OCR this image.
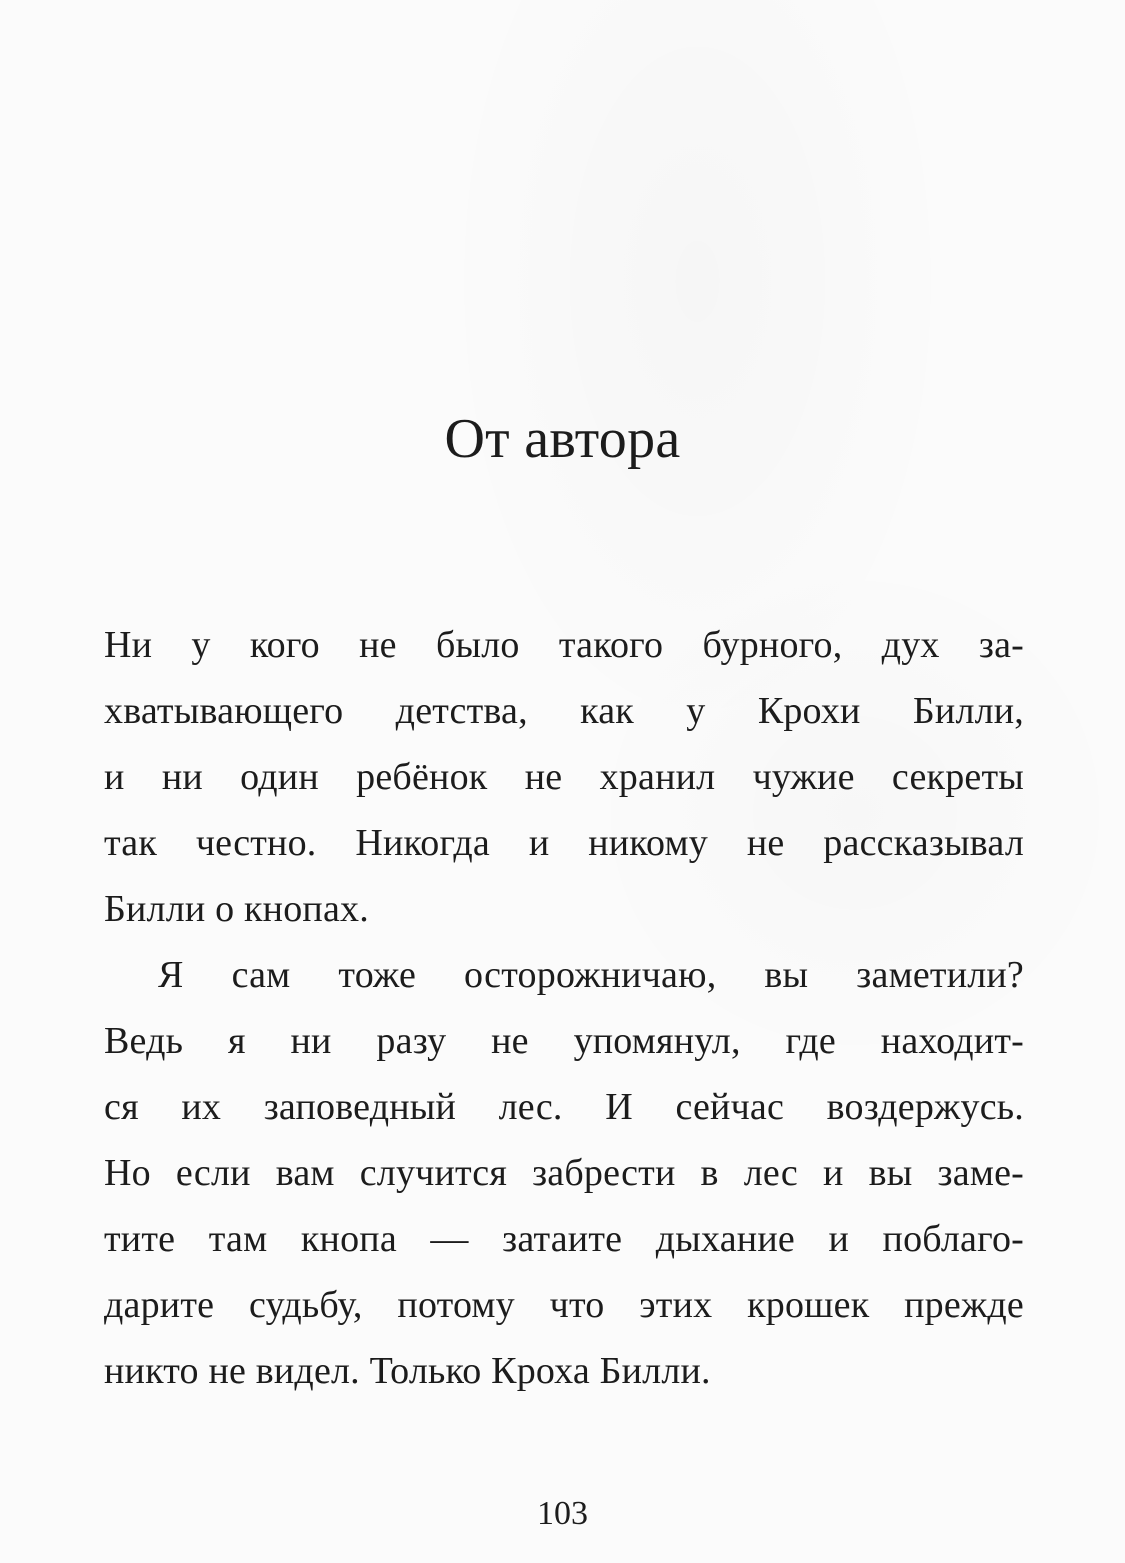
От автора
Ни у кого не было такого бурного, дух за-
хватывающего детства, как у Крохи Билли,
и ни один ребёнок не хранил чужие секреты
так честно. Никогда и никому не рассказывал
Билли о кнопах.
Я сам тоже осторожничаю, вы заметили?
Ведь я ни разу не упомянул, где находит-
ся их заповедный лес. И сейчас воздержусь.
Но если вам случится забрести в лес и вы заме-
тите там кнопа — затаите дыхание и поблаго-
дарите судьбу, потому что этих крошек прежде
никто не видел. Только Кроха Билли.
103
